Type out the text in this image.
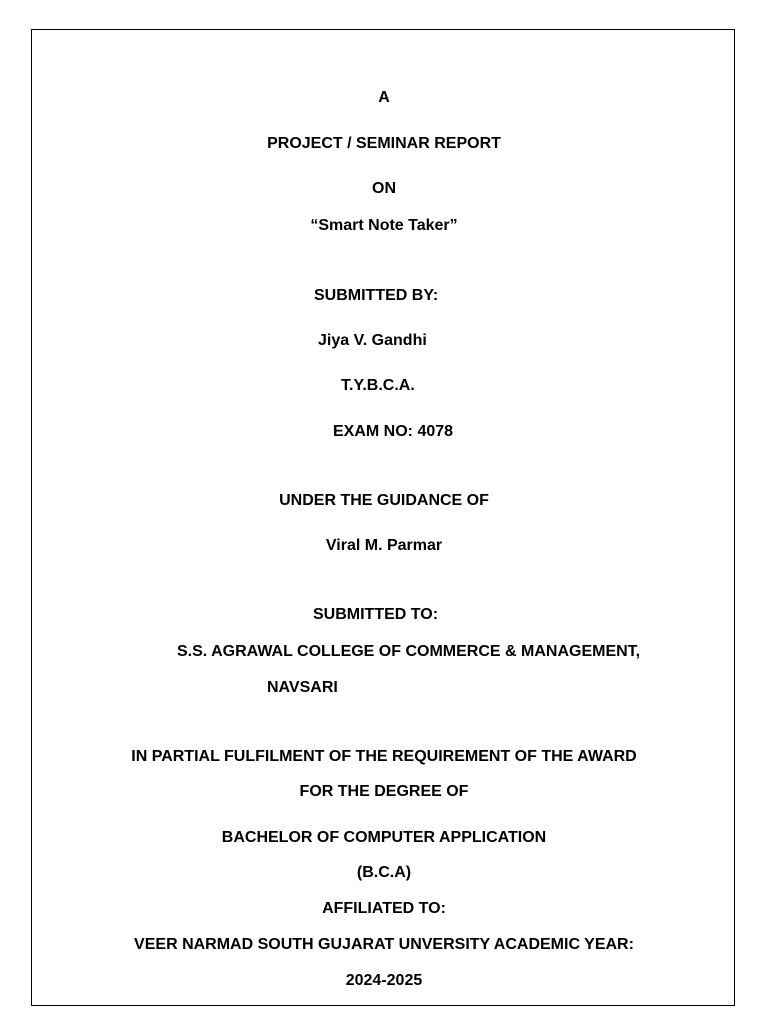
A
PROJECT / SEMINAR REPORT
ON
“Smart Note Taker”
SUBMITTED BY:
Jiya V. Gandhi
T.Y.B.C.A.
EXAM NO: 4078
UNDER THE GUIDANCE OF
Viral M. Parmar
SUBMITTED TO:
S.S. AGRAWAL COLLEGE OF COMMERCE & MANAGEMENT,
NAVSARI
IN PARTIAL FULFILMENT OF THE REQUIREMENT OF THE AWARD
FOR THE DEGREE OF
BACHELOR OF COMPUTER APPLICATION
(B.C.A)
AFFILIATED TO:
VEER NARMAD SOUTH GUJARAT UNVERSITY ACADEMIC YEAR:
2024-2025
